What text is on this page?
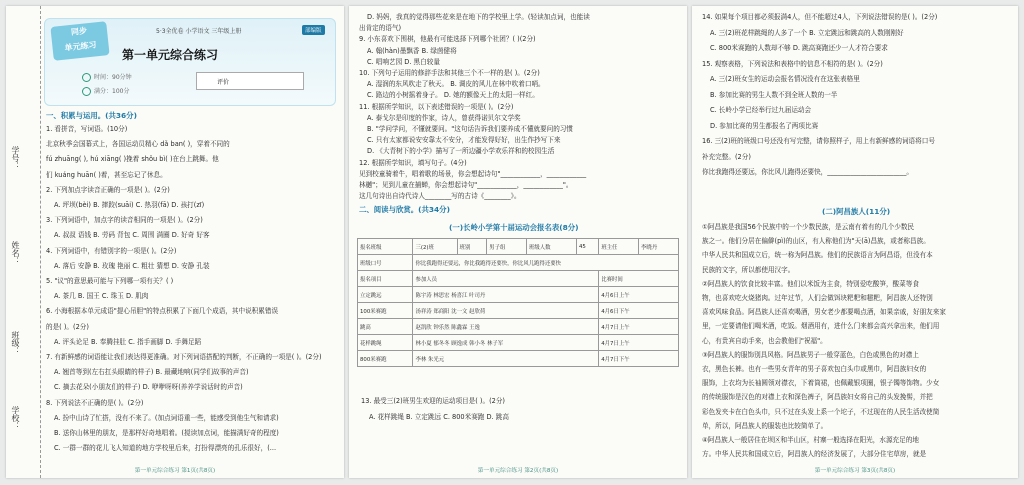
学号：
姓名：
班级：
学校：
同步
单元练习
5·3全优卷 小学语文 三年级上册	部编版
第一单元综合练习
时间：90分钟
满分：100分
评价
一、积累与运用。(共36分)
1. 看拼音，写词语。(10分)
北京秋季会国幕式上，各国运动员精心 dǎ ban( )，穿着不同的
fú zhuāng( ), hú xiāng( )挽着 shǒu bì( )在台上跳舞。他
们 kuáng huān( )着，甚至忘记了休息。
2. 下列加点字读音正确的一项是( )。(2分)
A. 坪坝(bèi) B. 摔跤(suāi) C. 热羽(fā) D. 孩打(zī)
3. 下列词语中，加点字的读音相同的一项是( )。(2分)
A. 叔叔 语钱 B. 劳码 背包 C. 周围 满圈 D. 好奇 好客
4. 下列词语中，有错别字的一项是( )。(2分)
A. 落后 安静 B. 玫瑰 艳丽 C. 粗壮 猜想 D. 安静 孔装
5. "议"的意思最可能与下列哪一项有关？( )
A. 茶几 B. 国王 C. 珠玉 D. 肌肉
6. 小海根据本单元成语"提心吊胆"的特点积累了下面几个成语，其中说积累错误
的是( )。(2分)
A. 评头论足 B. 奉腾挂肚 C. 指手画脚 D. 手舞足蹈
7. 有新鲜感的词语能让我们表达得更准确。对下列词语搭配的判断，不正确的一项是( )。(2分)
A. 翘首等到(左右扛头眼睛的样子) B. 最藏地响(同学们故事的声音)
C. 摘去花朵(小朋友们的样子) D. 咿咿呀呀(养养学说话时的声音)
8. 下列说法不正确的是( )。(2分)
A. 扮中山诗了忙搭，没有不来了。(加点词语重一些，能感受到他生气和请求)
B. 送你山林里的朋友，是那样好奇地唱着。(搅读加点词，能描满好奇的程度)
C. 一群一群的花儿飞人知道的地方学校里后来，打扮得漂亮的孔乐很好，(...
第一单元综合练习 第1页(共8页)
D. 妈妈，我真的觉得那些花来是在地下的学校里上学。(轻读加点词，也能读
出肯定的语气)
9. 小东喜欢下围棋，他最有可能选择下列哪个社团？( )(2分)
A. 翰(hàn)墨飘香 B. 绿茵健将
C. 唱响艺园 D. 黑白较量
10. 下列句子运用的修辞手法和其他三个不一样的是( )。(2分)
A. 湿润的东风吹走了秋天。 B. 调皮的风儿在林中吹着口哨。
C. 路边的小树摇着身子。 D. 她的额像天上的太阳一样红。
11. 根据所学知识，以下表述错误的一项是( )。(2分)
A. 泰戈尔是印度的作家，诗人，曾获得诺贝尔文学奖
B. "学问学问，不懂就要问。"这句话告诉我们要养成不懂就要问的习惯
C. 只有太家都说安安靠太不安分，才能发得好好，出生作抄写下来
D. 《大青树下的小学》描写了一所边疆小学欢乐祥和的校园生活
12. 根据所学知识，填写句子。(4分)
见到校童骑着牛，唱着歌的场景，你会想起诗句"____________，____________
林樾"；见到儿童在捕蝉，你会想起诗句"____________，____________"。
这几句诗出自诗代诗人________写的古诗《________》。
二、阅读与欣赏。(共34分)
(一)长岭小学第十届运动会报名表(8分)
报名班级	三(2)班	班别	男子组	班级人数	45	班主任	李晓丹
班级口号	你比我跑得还要远，你比我跑得还要快，你比风儿跑得还要快						
报名项目	参加人员					比赛时间	
立定跳远	陈宇涛 林思宏 杨喜江 叶司丹					4月6日上午	
100米赛跑	汤祥涛 郑商阳 沈一文 赵欣荷					4月6日下午	
跳高	赵凯欣 钟乐然 陈鑫霖 王逸					4月7日上午	
花样跳绳	林小夏 郁冬冬 顾逸成 韩小冬 林子军					4月7日上午	
800米赛跑	李林 朱光元					4月7日下午	
13. 最受三(2)班男生欢迎的运动项目是( )。(2分)
A. 花样跳绳 B. 立定跳远 C. 800米赛跑 D. 跳高
第一单元综合练习 第2页(共8页)
14. 如果每个项目都必须报满4人，但不能超过4人，下列说法错误的是( )。(2分)
A. 三(2)班花样跳绳的人多了一个 B. 立定跳远和跳高的人数刚刚好
C. 800米赛跑的人数却不够 D. 跳高赛跑还少一人才符合要求
15. 观察表格，下列说法和表格中的信息不相符的是( )。(2分)
A. 三(2)班女生的运动会报名情况没有在这张表格里
B. 参加比赛的男生人数不到全班人数的一半
C. 长岭小学已经举行过九届运动会
D. 参加比赛的男生都报名了两项比赛
16. 三(2)班的班级口号还没有写完整，请你照样子，用上有新鲜感的词语将口号
补充完整。(2分)
你比我跑得还要远，你比风儿跑得还要快，________________________。
(二)阿昌族人(11分)
①阿昌族是我国56个民族中的一个少数民族，是云南有着有的几个少数民
族之一。他们分居在偏僻(pì)的山区，有人称他们为"天(ā)昌族，或者称昌族。
中华人民共和国成立后，统一称为阿昌族。他们的民族语言为阿昌语，但没有本
民族的文字，所以都使用汉字。
②阿昌族人的饮食比较丰富。他们以米饭为主食，特别爱吃酸笋，酸菜等食
物，也喜欢吃火烧猪肉。过年过节，人们会做饵块粑粑和糍粑，阿昌族人还特别
喜欢风味食品。阿昌族人还喜欢喝酒，男女老少都要喝点酒，如果亲戚，好朋友来家
里，一定要请他们喝米酒，吃饭。烟酒用有，进什么门来都会高兴拿出来，他们用
心，有贵宾自动手来，也会教他们"祝福"。
③阿昌族人的服饰别具风格。阿昌族男子一般穿蓝色，白色或黑色的对襟上
衣，黑色长裤。也有一些男女青年的男子喜欢包白头巾或黑巾，阿昌族妇女的
服饰，上衣均为长袖圆领对襟衣，下着筒裙，也佩戴银项圈，银子镯等饰物。少女
的传统服饰是汉色的对襟上衣和深色裤子，阿昌族妇女将自己的头发挽髻，并把
彩色发夹卡在白色头巾，只不过在头发上系一个坨子，不过现在的人民生活改使简
单，所以，阿昌族人的服装也比较简单了。
④阿昌族人一般居住在坝区和半山区，村寨一般选择在阳光，水源充足的地
方。中华人民共和国成立后，阿昌族人的经济发展了，大部分住宅草房，就是
第一单元综合练习 第3页(共8页)
